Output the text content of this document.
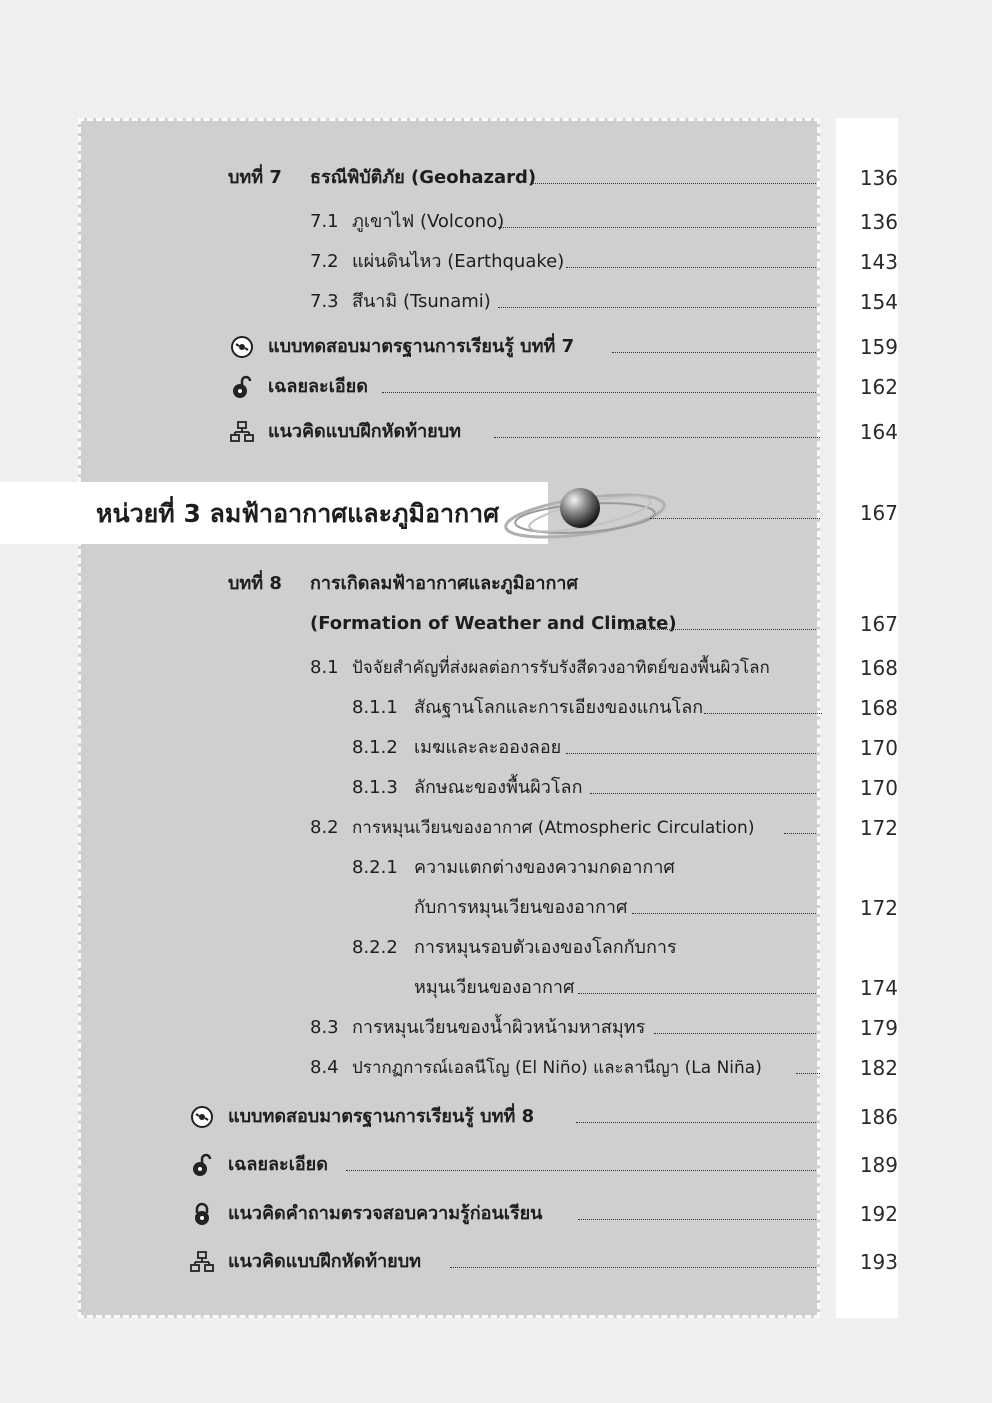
บทที่ 7 ธรณีพิบัติภัย (Geohazard)	136
7.1 ภูเขาไฟ (Volcono)	136
7.2 แผ่นดินไหว (Earthquake)	143
7.3 สึนามิ (Tsunami)	154
แบบทดสอบมาตรฐานการเรียนรู้ บทที่ 7	159
เฉลยละเอียด	162
แนวคิดแบบฝึกหัดท้ายบท	164
หน่วยที่ 3 ลมฟ้าอากาศและภูมิอากาศ	167
บทที่ 8 การเกิดลมฟ้าอากาศและภูมิอากาศ
(Formation of Weather and Climate)	167
8.1 ปัจจัยสำคัญที่ส่งผลต่อการรับรังสีดวงอาทิตย์ของพื้นผิวโลก	168
8.1.1 สัณฐานโลกและการเอียงของแกนโลก	168
8.1.2 เมฆและละอองลอย	170
8.1.3 ลักษณะของพื้นผิวโลก	170
8.2 การหมุนเวียนของอากาศ (Atmospheric Circulation)	172
8.2.1 ความแตกต่างของความกดอากาศ
กับการหมุนเวียนของอากาศ	172
8.2.2 การหมุนรอบตัวเองของโลกกับการ
หมุนเวียนของอากาศ	174
8.3 การหมุนเวียนของน้ำผิวหน้ามหาสมุทร	179
8.4 ปรากฏการณ์เอลนีโญ (El Niño) และลานีญา (La Niña)	182
แบบทดสอบมาตรฐานการเรียนรู้ บทที่ 8	186
เฉลยละเอียด	189
แนวคิดคำถามตรวจสอบความรู้ก่อนเรียน	192
แนวคิดแบบฝึกหัดท้ายบท	193
